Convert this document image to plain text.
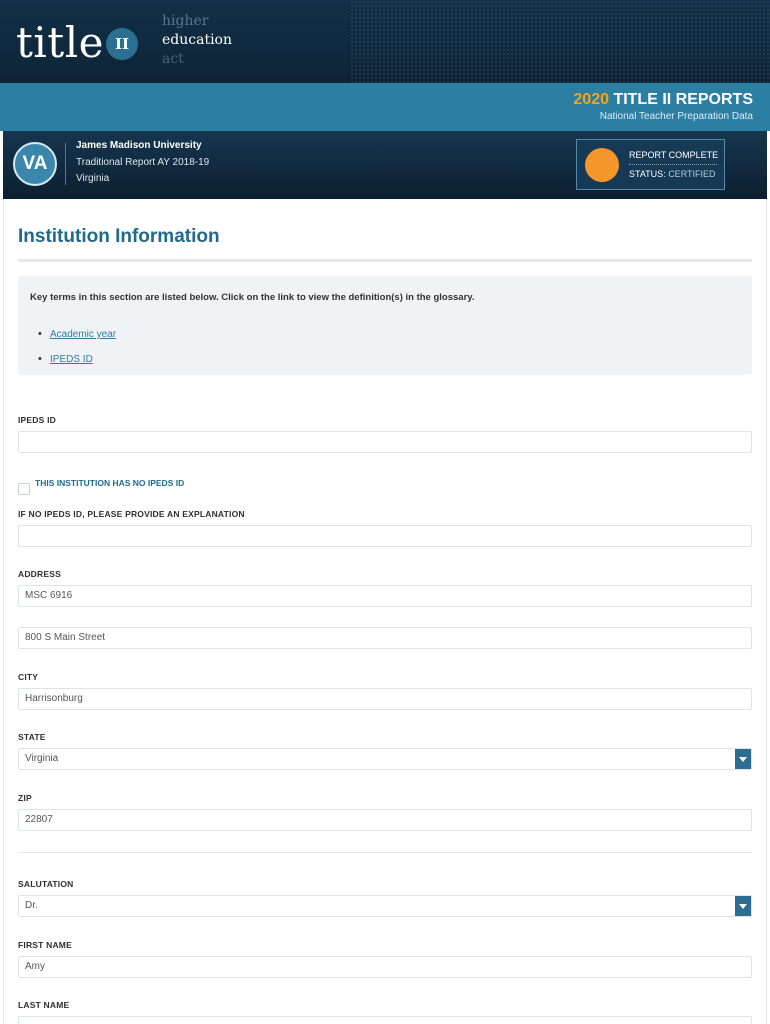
title II
higher
education
act
2020 TITLE II REPORTS
National Teacher Preparation Data
VA
James Madison University
Traditional Report AY 2018-19
Virginia
REPORT COMPLETE
STATUS: CERTIFIED
Institution Information
Key terms in this section are listed below. Click on the link to view the definition(s) in the glossary.
• Academic year
• IPEDS ID
IPEDS ID
THIS INSTITUTION HAS NO IPEDS ID
IF NO IPEDS ID, PLEASE PROVIDE AN EXPLANATION
ADDRESS
MSC 6916
800 S Main Street
CITY
Harrisonburg
STATE
Virginia
ZIP
22807
SALUTATION
Dr.
FIRST NAME
Amy
LAST NAME
